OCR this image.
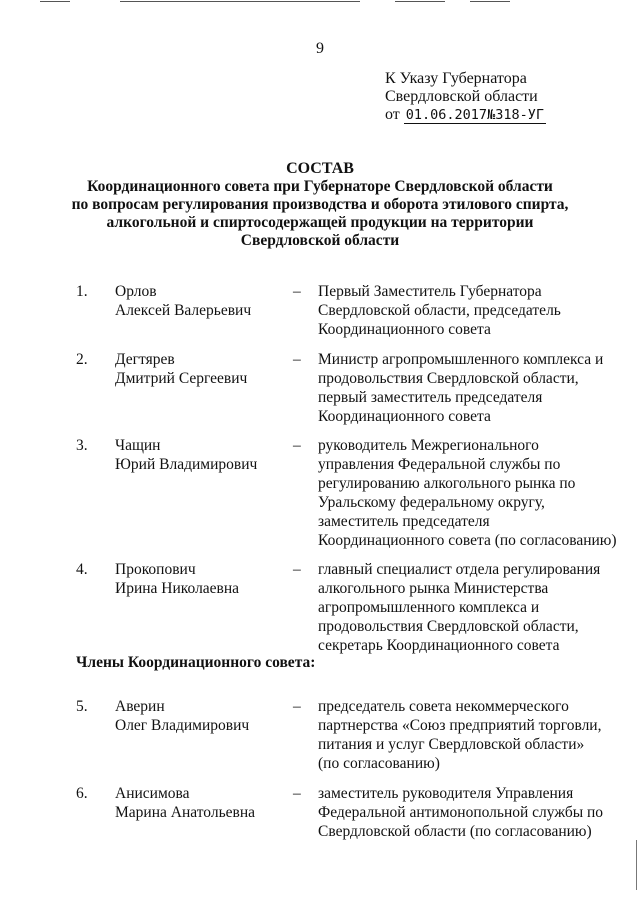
9
К Указу Губернатора
Свердловской области
от 01.06.2017№318-УГ
СОСТАВ
Координационного совета при Губернаторе Свердловской области
по вопросам регулирования производства и оборота этилового спирта,
алкогольной и спиртосодержащей продукции на территории
Свердловской области
1. Орлов
Алексей Валерьевич
– Первый Заместитель Губернатора
Свердловской области, председатель
Координационного совета
2. Дегтярев
Дмитрий Сергеевич
– Министр агропромышленного комплекса и
продовольствия Свердловской области,
первый заместитель председателя
Координационного совета
3. Чащин
Юрий Владимирович
– руководитель Межрегионального
управления Федеральной службы по
регулированию алкогольного рынка по
Уральскому федеральному округу,
заместитель председателя
Координационного совета (по согласованию)
4. Прокопович
Ирина Николаевна
– главный специалист отдела регулирования
алкогольного рынка Министерства
агропромышленного комплекса и
продовольствия Свердловской области,
секретарь Координационного совета
Члены Координационного совета:
5. Аверин
Олег Владимирович
– председатель совета некоммерческого
партнерства «Союз предприятий торговли,
питания и услуг Свердловской области»
(по согласованию)
6. Анисимова
Марина Анатольевна
– заместитель руководителя Управления
Федеральной антимонопольной службы по
Свердловской области (по согласованию)
